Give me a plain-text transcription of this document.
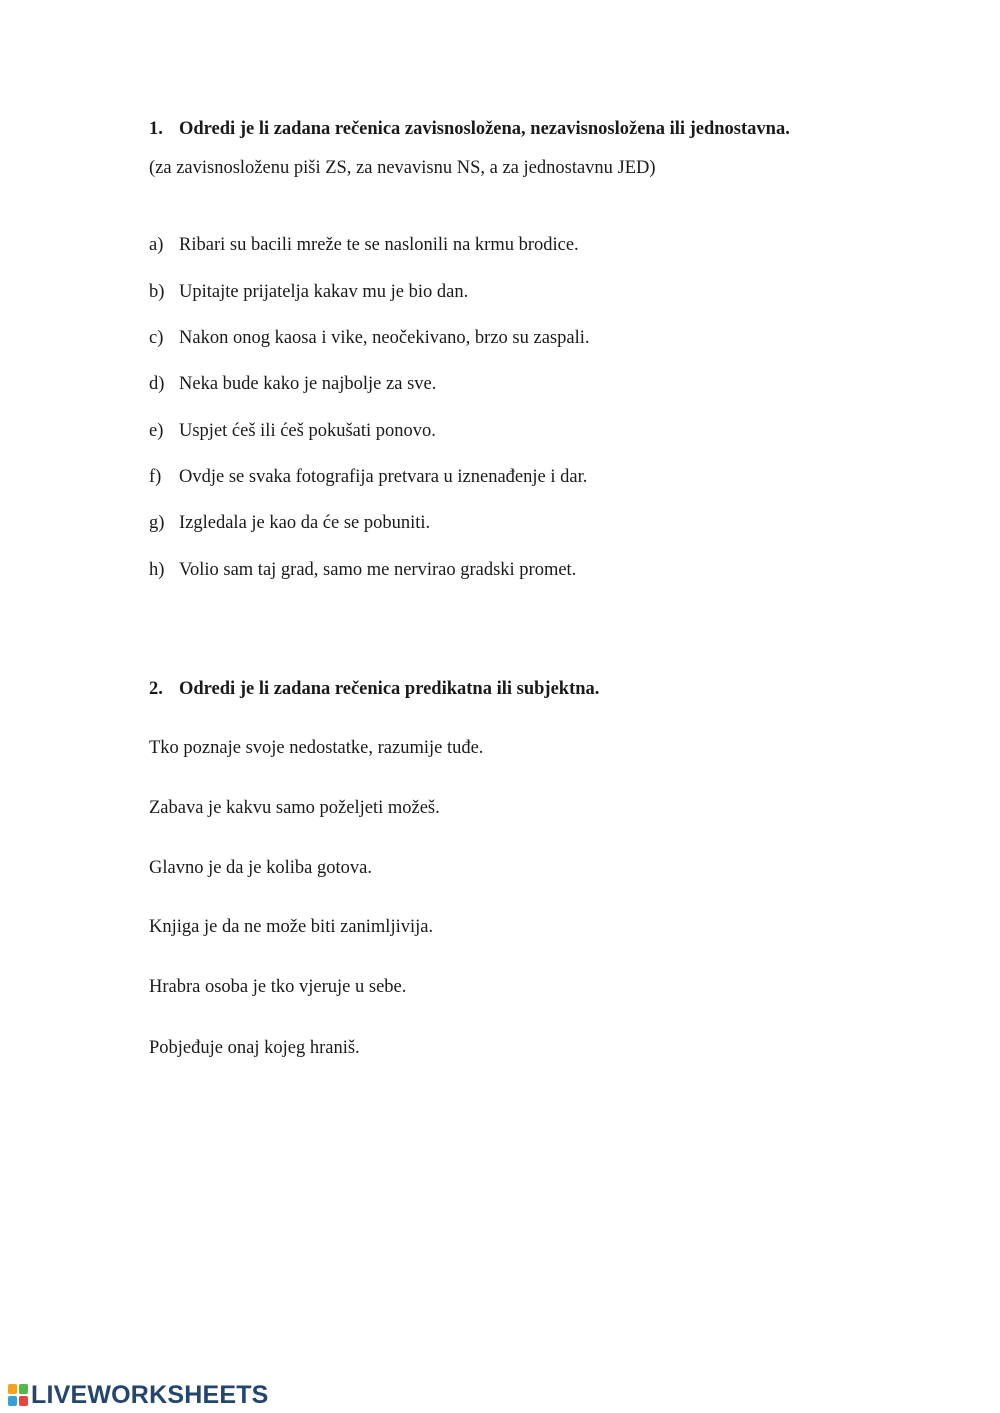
1. Odredi je li zadana rečenica zavisnosložena, nezavisnosložena ili jednostavna.
(za zavisnosloženu piši ZS, za nevavisnu NS, a za jednostavnu JED)
a) Ribari su bacili mreže te se naslonili na krmu brodice.
b) Upitajte prijatelja kakav mu je bio dan.
c) Nakon onog kaosa i vike, neočekivano, brzo su zaspali.
d) Neka bude kako je najbolje za sve.
e) Uspjet ćeš ili ćeš pokušati ponovo.
f) Ovdje se svaka fotografija pretvara u iznenađenje i dar.
g) Izgledala je kao da će se pobuniti.
h) Volio sam taj grad, samo me nervirao gradski promet.
2. Odredi je li zadana rečenica predikatna ili subjektna.
Tko poznaje svoje nedostatke, razumije tuđe.
Zabava je kakvu samo poželjeti možeš.
Glavno je da je koliba gotova.
Knjiga je da ne može biti zanimljivija.
Hrabra osoba je tko vjeruje u sebe.
Pobjeđuje onaj kojeg hraniš.
LIVEWORKSHEETS
